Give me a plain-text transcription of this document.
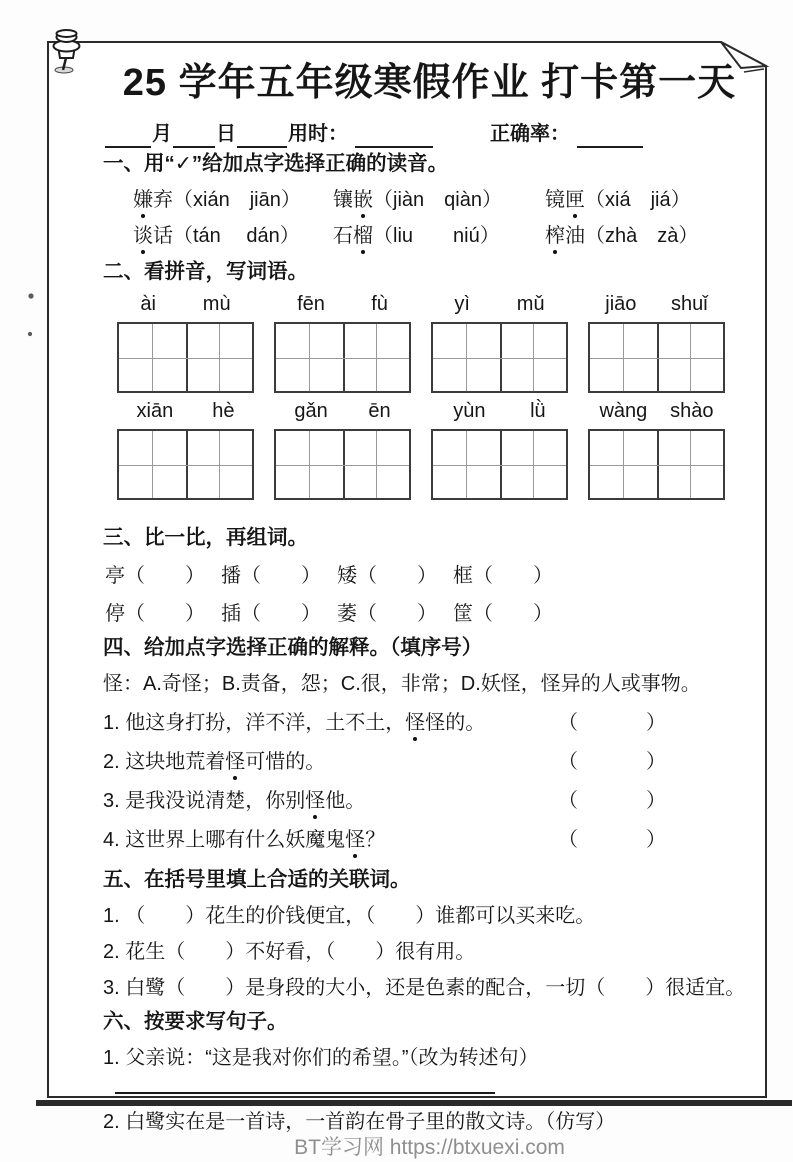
25 学年五年级寒假作业 打卡第一天
月 日	用时：	正确率：
一、用“✓”给加点字选择正确的读音。
嫌弃（xián　jiān）	镶嵌（jiàn　qiàn）	镜匣（xiá　jiá）
谈话（tán　 dán）	石榴（liu　　niú）	榨油（zhà　zà）
二、看拼音，写词语。
ài mù	fēn fù	yì mǔ	jiāo shuǐ
xiān hè	gǎn ēn	yùn lǜ	wàng shào
三、比一比，再组词。
亭（　　） 播（　　） 矮（　　） 框（　　）
停（　　） 插（　　） 萎（　　） 筐（　　）
四、给加点字选择正确的解释。（填序号）
怪：A.奇怪；B.责备，怨；C.很，非常；D.妖怪，怪异的人或事物。
1. 他这身打扮，洋不洋，土不土，怪怪的。	（　　　）
2. 这块地荒着怪可惜的。	（　　　）
3. 是我没说清楚，你别怪他。	（　　　）
4. 这世界上哪有什么妖魔鬼怪？	（　　　）
五、在括号里填上合适的关联词。
1. （　　）花生的价钱便宜，（　　）谁都可以买来吃。
2. 花生（　　）不好看，（　　）很有用。
3. 白鹭（　　）是身段的大小，还是色素的配合，一切（　　）很适宜。
六、按要求写句子。
1. 父亲说：“这是我对你们的希望。”（改为转述句）
2. 白鹭实在是一首诗，一首韵在骨子里的散文诗。（仿写）
BT学习网 https://btxuexi.com
